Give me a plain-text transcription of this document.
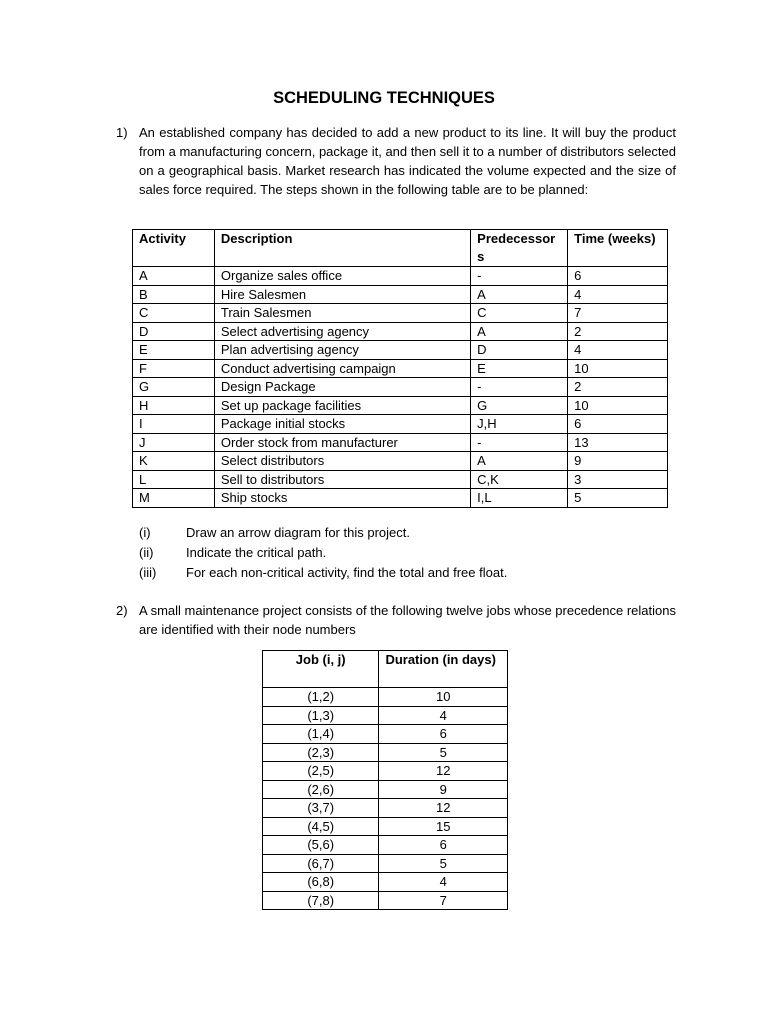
SCHEDULING TECHNIQUES
1) An established company has decided to add a new product to its line. It will buy the product from a manufacturing concern, package it, and then sell it to a number of distributors selected on a geographical basis. Market research has indicated the volume expected and the size of sales force required. The steps shown in the following table are to be planned:

Activity	Description	Predecessor s	Time (weeks)
A	Organize sales office	-	6
B	Hire Salesmen	A	4
C	Train Salesmen	C	7
D	Select advertising agency	A	2
E	Plan advertising agency	D	4
F	Conduct advertising campaign	E	10
G	Design Package	-	2
H	Set up package facilities	G	10
I	Package initial stocks	J,H	6
J	Order stock from manufacturer	-	13
K	Select distributors	A	9
L	Sell to distributors	C,K	3
M	Ship stocks	I,L	5
(i)	Draw an arrow diagram for this project.
(ii)	Indicate the critical path.
(iii) For each non-critical activity, find the total and free float.
2) A small maintenance project consists of the following twelve jobs whose precedence relations are identified with their node numbers

Job (i, j)	Duration (in days)
(1,2)	10
(1,3)	4
(1,4)	6
(2,3)	5
(2,5)	12
(2,6)	9
(3,7)	12
(4,5)	15
(5,6)	6
(6,7)	5
(6,8)	4
(7,8)	7
